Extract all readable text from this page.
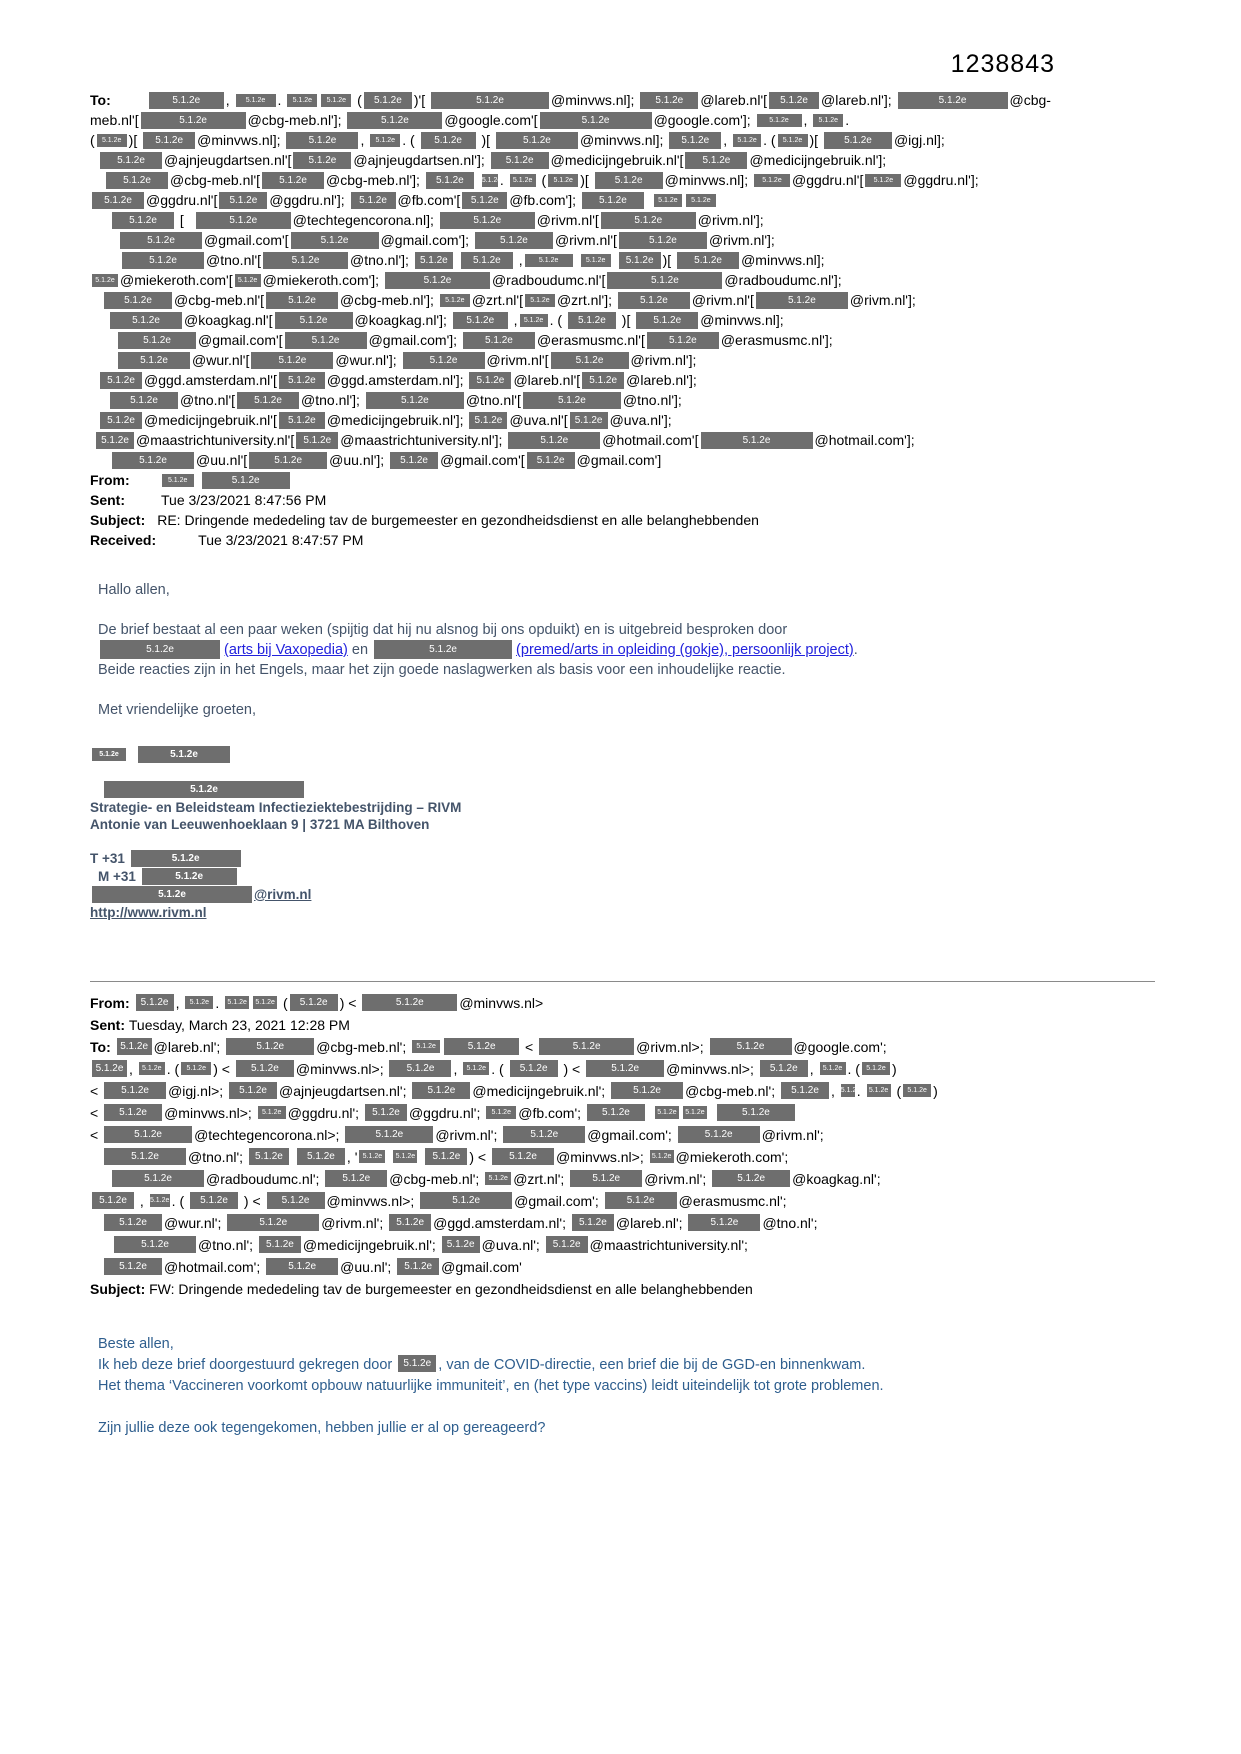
1238843
To:	5.1.2e , 5.1.2e . 5.1.2e 5.1.2e ( 5.1.2e )'[	5.1.2e	@minvws.nl]; 5.1.2e @lareb.nl'[ 5.1.2e @lareb.nl'];	5.1.2e	@cbg-
meb.nl'[	5.1.2e	@cbg-meb.nl'];	5.1.2e	@google.com'[	5.1.2e	@google.com']; 5.1.2e , 5.1.2e .
( 5.1.2e )[ 5.1.2e @minvws.nl]; 5.1.2e , 5.1.2e . ( 5.1.2e )[	5.1.2e @minvws.nl]; 5.1.2e , 5.1.2e . ( 5.1.2e )[ 5.1.2e @igj.nl];
5.1.2e @ajnjeugdartsen.nl'[ 5.1.2e @ajnjeugdartsen.nl']; 5.1.2e @medicijngebruik.nl'[ 5.1.2e @medicijngebruik.nl'];
5.1.2e @cbg-meb.nl'[ 5.1.2e @cbg-meb.nl']; 5.1.2e	5.1.2e. 5.1.2e ( 5.1.2e )[ 5.1.2e @minvws.nl]; 5.1.2e @ggdru.nl'[ 5.1.2e @ggdru.nl'];
5.1.2e @ggdru.nl'[ 5.1.2e @ggdru.nl']; 5.1.2e @fb.com'[ 5.1.2e @fb.com']; 5.1.2e	5.1.2e 5.1.2e
5.1.2e [	5.1.2e	@techtegencorona.nl];	5.1.2e	@rivm.nl'[	5.1.2e	@rivm.nl'];
5.1.2e @gmail.com'[	5.1.2e @gmail.com'];	5.1.2e @rivm.nl'[	5.1.2e @rivm.nl'];
5.1.2e @tno.nl'[	5.1.2e @tno.nl']; 5.1.2e	5.1.2e , 5.1.2e	5.1.2e 5.1.2e )[ 5.1.2e @minvws.nl];
5.1.2e @miekeroth.com'[ 5.1.2e @miekeroth.com'];	5.1.2e	@radboudumc.nl'[	5.1.2e	@radboudumc.nl'];
5.1.2e @cbg-meb.nl'[ 5.1.2e @cbg-meb.nl']; 5.1.2e @zrt.nl'[ 5.1.2e @zrt.nl']; 5.1.2e @rivm.nl'[	5.1.2e @rivm.nl'];
5.1.2e @koagkag.nl'[	5.1.2e @koagkag.nl']; 5.1.2e , 5.1.2e . ( 5.1.2e )[ 5.1.2e @minvws.nl];
5.1.2e @gmail.com'[	5.1.2e @gmail.com']; 5.1.2e @erasmusmc.nl'[ 5.1.2e @erasmusmc.nl'];
5.1.2e @wur.nl'[	5.1.2e @wur.nl'];	5.1.2e @rivm.nl'[	5.1.2e @rivm.nl'];
5.1.2e @ggd.amsterdam.nl'[ 5.1.2e @ggd.amsterdam.nl']; 5.1.2e @lareb.nl'[ 5.1.2e @lareb.nl'];
5.1.2e @tno.nl'[ 5.1.2e @tno.nl'];	5.1.2e	@tno.nl'[	5.1.2e	@tno.nl'];
5.1.2e @medicijngebruik.nl'[ 5.1.2e @medicijngebruik.nl']; 5.1.2e @uva.nl'[ 5.1.2e @uva.nl'];
5.1.2e @maastrichtuniversity.nl'[ 5.1.2e @maastrichtuniversity.nl'];	5.1.2e @hotmail.com'[	5.1.2e	@hotmail.com'];
5.1.2e @uu.nl'[	5.1.2e @uu.nl']; 5.1.2e @gmail.com'[ 5.1.2e @gmail.com']
From:	5.1.2e	5.1.2e
Sent:	Tue 3/23/2021 8:47:56 PM
Subject: RE: Dringende mededeling tav de burgemeester en gezondheidsdienst en alle belanghebbenden
Received:	Tue 3/23/2021 8:47:57 PM
Hallo allen,
De brief bestaat al een paar weken (spijtig dat hij nu alsnog bij ons opduikt) en is uitgebreid besproken door
5.1.2e	(arts bij Vaxopedia) en	5.1.2e	(premed/arts in opleiding (gokje), persoonlijk project).
Beide reacties zijn in het Engels, maar het zijn goede naslagwerken als basis voor een inhoudelijke reactie.
Met vriendelijke groeten,
5.1.2e	5.1.2e
5.1.2e
Strategie- en Beleidsteam Infectieziektebestrijding – RIVM
Antonie van Leeuwenhoeklaan 9 | 3721 MA Bilthoven
T +31	5.1.2e
M +31	5.1.2e
5.1.2e	@rivm.nl
http://www.rivm.nl
From: 5.1.2e , 5.1.2e . 5.1.2e 5.1.2e ( 5.1.2e ) <	5.1.2e	@minvws.nl>
Sent: Tuesday, March 23, 2021 12:28 PM
To: 5.1.2e @lareb.nl';	5.1.2e @cbg-meb.nl'; 5.1.2e	5.1.2e <	5.1.2e	@rivm.nl>;	5.1.2e @google.com';
5.1.2e , 5.1.2e . ( 5.1.2e ) < 5.1.2e @minvws.nl>; 5.1.2e , 5.1.2e . ( 5.1.2e ) <	5.1.2e @minvws.nl>; 5.1.2e , 5.1.2e . ( 5.1.2e )
< 5.1.2e @igj.nl>; 5.1.2e @ajnjeugdartsen.nl'; 5.1.2e @medicijngebruik.nl'; 5.1.2e @cbg-meb.nl'; 5.1.2e , 5.1.2e. 5.1.2e ( 5.1.2e )
< 5.1.2e @minvws.nl>; 5.1.2e @ggdru.nl'; 5.1.2e @ggdru.nl'; 5.1.2e @fb.com'; 5.1.2e	5.1.2e 5.1.2e	5.1.2e
<	5.1.2e @techtegencorona.nl>;	5.1.2e @rivm.nl';	5.1.2e @gmail.com';	5.1.2e @rivm.nl';
5.1.2e @tno.nl'; 5.1.2e 5.1.2e , ' 5.1.2e 5.1.2e 5.1.2e ) < 5.1.2e @minvws.nl>; 5.1.2e @miekeroth.com';
5.1.2e @radboudumc.nl'; 5.1.2e @cbg-meb.nl'; 5.1.2e @zrt.nl'; 5.1.2e @rivm.nl';	5.1.2e @koagkag.nl';
5.1.2e , 5.1.2e . ( 5.1.2e ) < 5.1.2e @minvws.nl>;	5.1.2e @gmail.com'; 5.1.2e @erasmusmc.nl';
5.1.2e @wur.nl';	5.1.2e @rivm.nl'; 5.1.2e @ggd.amsterdam.nl'; 5.1.2e @lareb.nl'; 5.1.2e @tno.nl';
5.1.2e @tno.nl'; 5.1.2e @medicijngebruik.nl'; 5.1.2e @uva.nl'; 5.1.2e @maastrichtuniversity.nl';
5.1.2e @hotmail.com'; 5.1.2e @uu.nl'; 5.1.2e @gmail.com'
Subject: FW: Dringende mededeling tav de burgemeester en gezondheidsdienst en alle belanghebbenden
Beste allen,
Ik heb deze brief doorgestuurd gekregen door 5.1.2e , van de COVID-directie, een brief die bij de GGD-en binnenkwam.
Het thema ‘Vaccineren voorkomt opbouw natuurlijke immuniteit’, en (het type vaccins) leidt uiteindelijk tot grote problemen.
Zijn jullie deze ook tegengekomen, hebben jullie er al op gereageerd?
